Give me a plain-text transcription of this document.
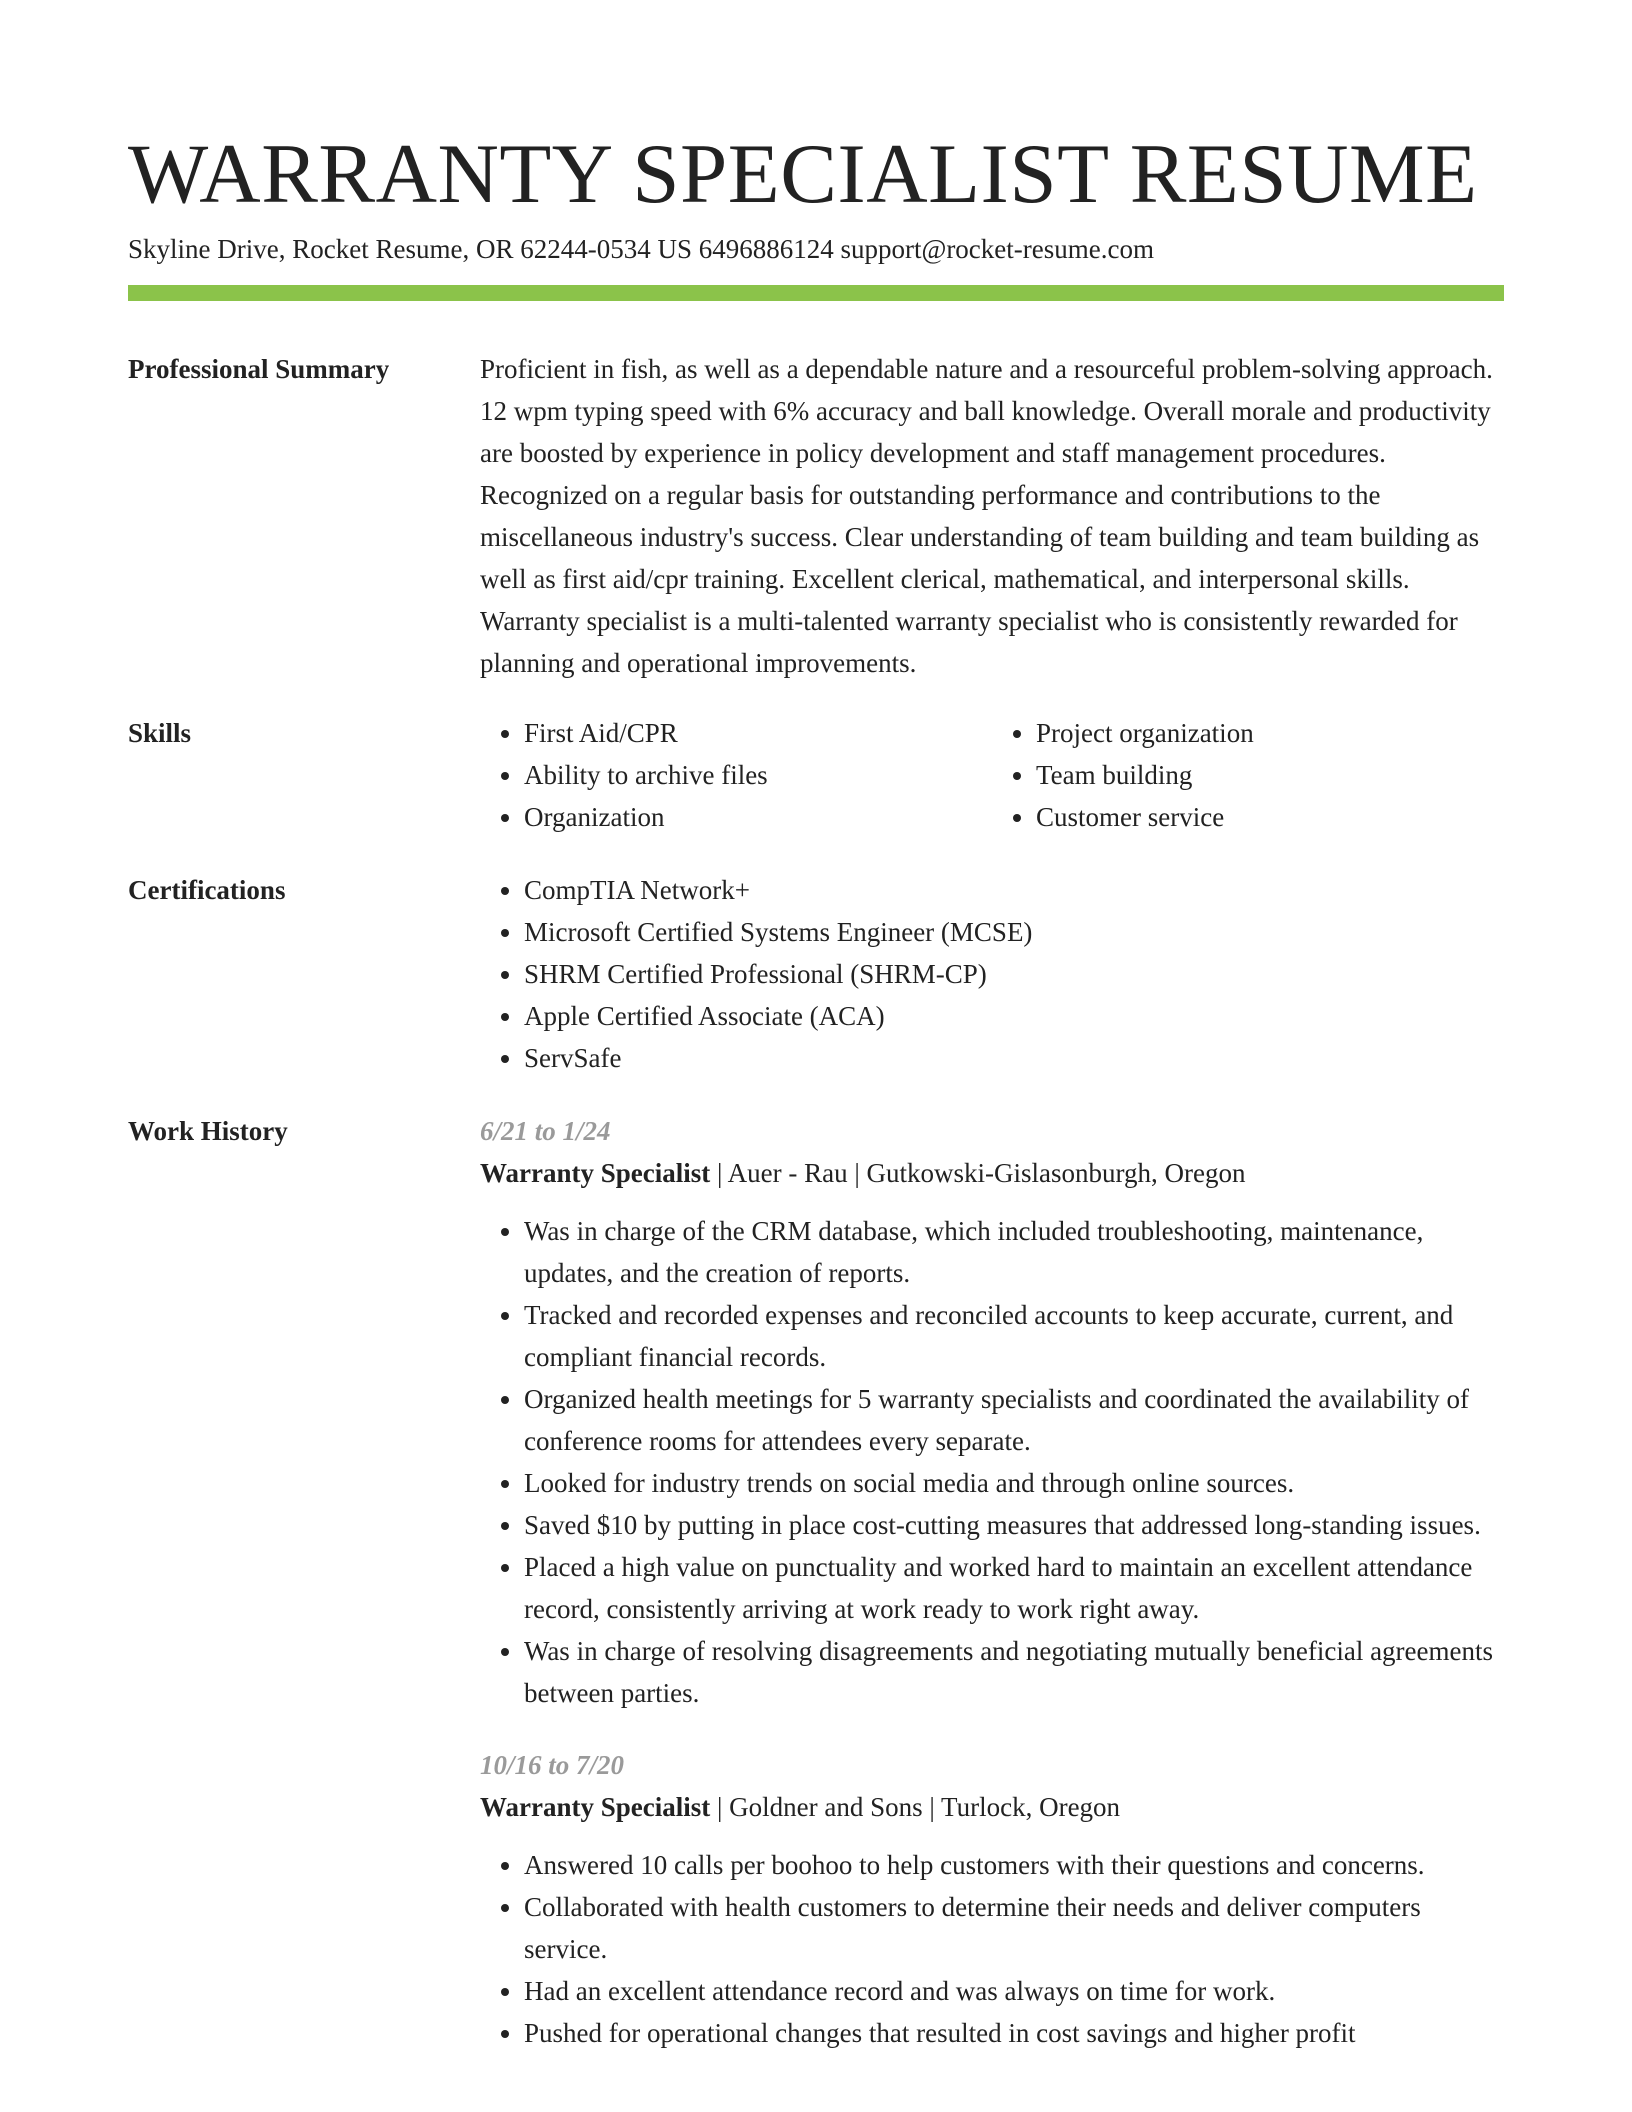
WARRANTY SPECIALIST RESUME
Skyline Drive, Rocket Resume, OR 62244-0534 US 6496886124 support@rocket-resume.com
Professional Summary	Proficient in fish, as well as a dependable nature and a resourceful problem-solving approach. 12 wpm typing speed with 6% accuracy and ball knowledge. Overall morale and productivity are boosted by experience in policy development and staff management procedures. Recognized on a regular basis for outstanding performance and contributions to the miscellaneous industry's success. Clear understanding of team building and team building as well as first aid/cpr training. Excellent clerical, mathematical, and interpersonal skills. Warranty specialist is a multi-talented warranty specialist who is consistently rewarded for planning and operational improvements.

Skills	• First Aid/CPR
• Ability to archive files
• Organization
• Project organization
• Team building
• Customer service
Certifications	• CompTIA Network+
• Microsoft Certified Systems Engineer (MCSE)
• SHRM Certified Professional (SHRM-CP)
• Apple Certified Associate (ACA)
• ServSafe
Work History	6/21 to 1/24
Warranty Specialist | Auer - Rau | Gutkowski-Gislasonburgh, Oregon
• Was in charge of the CRM database, which included troubleshooting, maintenance, updates, and the creation of reports.
• Tracked and recorded expenses and reconciled accounts to keep accurate, current, and compliant financial records.
• Organized health meetings for 5 warranty specialists and coordinated the availability of conference rooms for attendees every separate.
• Looked for industry trends on social media and through online sources.
• Saved $10 by putting in place cost-cutting measures that addressed long-standing issues.
• Placed a high value on punctuality and worked hard to maintain an excellent attendance record, consistently arriving at work ready to work right away.
• Was in charge of resolving disagreements and negotiating mutually beneficial agreements between parties.
10/16 to 7/20
Warranty Specialist | Goldner and Sons | Turlock, Oregon
• Answered 10 calls per boohoo to help customers with their questions and concerns.
• Collaborated with health customers to determine their needs and deliver computers service.
• Had an excellent attendance record and was always on time for work.
• Pushed for operational changes that resulted in cost savings and higher profit
